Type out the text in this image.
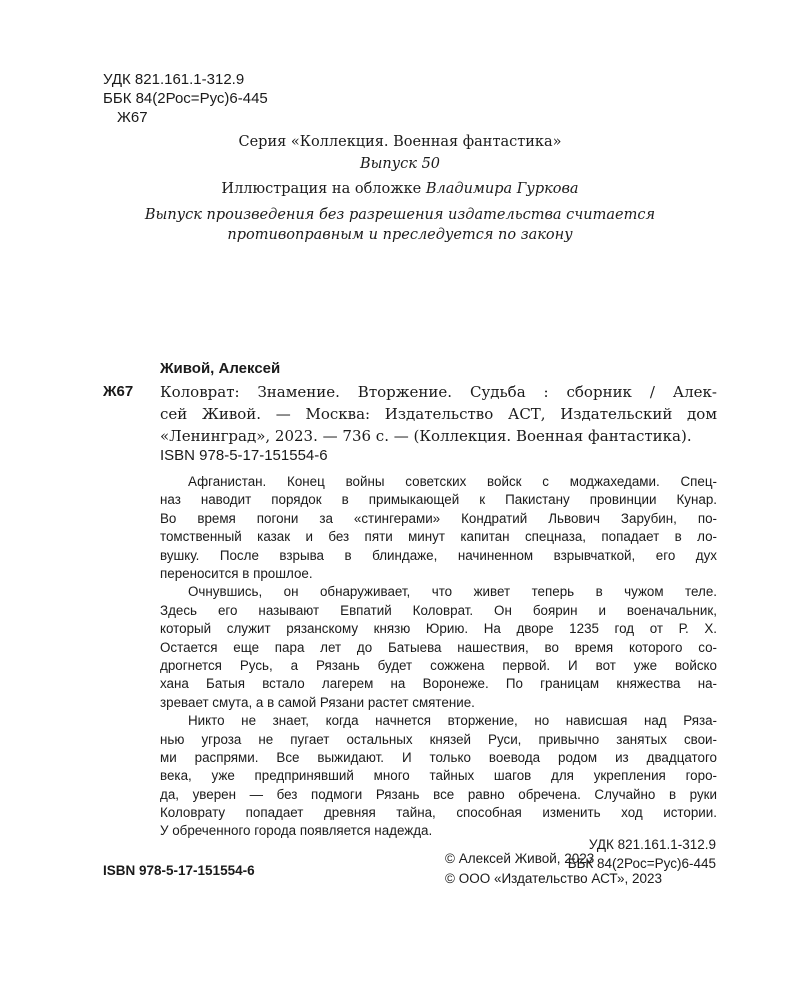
УДК 821.161.1-312.9
ББК 84(2Рос=Рус)6-445
Ж67
Серия «Коллекция. Военная фантастика»
Выпуск 50
Иллюстрация на обложке Владимира Гуркова
Выпуск произведения без разрешения издательства считается
противоправным и преследуется по закону
Живой, Алексей
Ж67 Коловрат: Знамение. Вторжение. Судьба : сборник / Алек-
сей Живой. — Москва: Издательство АСТ, Издательский дом
«Ленинград», 2023. — 736 с. — (Коллекция. Военная фантастика).
ISBN 978-5-17-151554-6
Афганистан. Конец войны советских войск с моджахедами. Спец-
наз наводит порядок в примыкающей к Пакистану провинции Кунар.
Во время погони за «стингерами» Кондратий Львович Зарубин, по-
томственный казак и без пяти минут капитан спецназа, попадает в ло-
вушку. После взрыва в блиндаже, начиненном взрывчаткой, его дух
переносится в прошлое.
Очнувшись, он обнаруживает, что живет теперь в чужом теле.
Здесь его называют Евпатий Коловрат. Он боярин и военачальник,
который служит рязанскому князю Юрию. На дворе 1235 год от Р. Х.
Остается еще пара лет до Батыева нашествия, во время которого со-
дрогнется Русь, а Рязань будет сожжена первой. И вот уже войско
хана Батыя встало лагерем на Воронеже. По границам княжества на-
зревает смута, а в самой Рязани растет смятение.
Никто не знает, когда начнется вторжение, но нависшая над Ряза-
нью угроза не пугает остальных князей Руси, привычно занятых свои-
ми распрями. Все выжидают. И только воевода родом из двадцатого
века, уже предпринявший много тайных шагов для укрепления горо-
да, уверен — без подмоги Рязань все равно обречена. Случайно в руки
Коловрату попадает древняя тайна, способная изменить ход истории.
У обреченного города появляется надежда.
УДК 821.161.1-312.9
ББК 84(2Рос=Рус)6-445
ISBN 978-5-17-151554-6
© Алексей Живой, 2023
© ООО «Издательство АСТ», 2023
